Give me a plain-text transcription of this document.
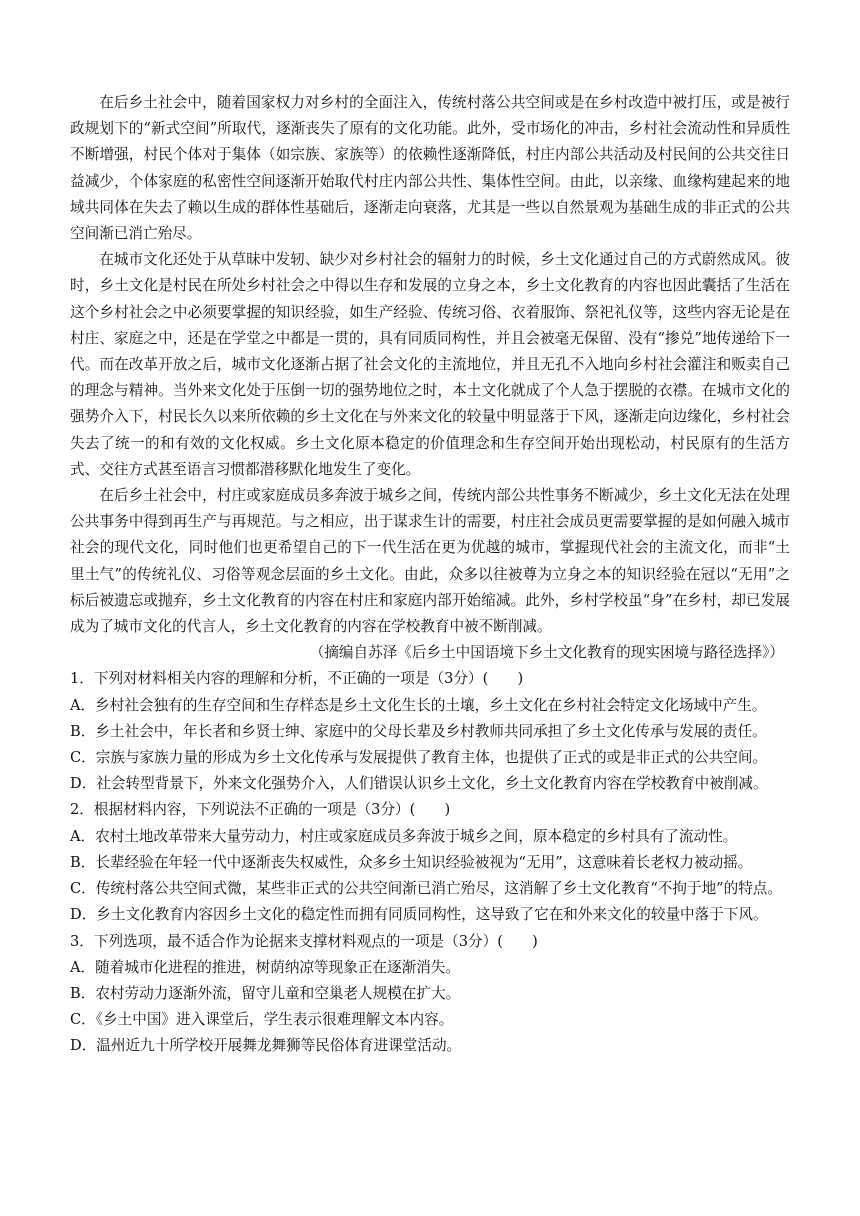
在后乡土社会中，随着国家权力对乡村的全面注入，传统村落公共空间或是在乡村改造中被打压，或是被行政规划下的“新式空间”所取代，逐渐丧失了原有的文化功能。此外，受市场化的冲击，乡村社会流动性和异质性不断增强，村民个体对于集体（如宗族、家族等）的依赖性逐渐降低，村庄内部公共活动及村民间的公共交往日益减少，个体家庭的私密性空间逐渐开始取代村庄内部公共性、集体性空间。由此，以亲缘、血缘构建起来的地域共同体在失去了赖以生成的群体性基础后，逐渐走向衰落，尤其是一些以自然景观为基础生成的非正式的公共空间渐已消亡殆尽。

在城市文化还处于从草昧中发轫、缺少对乡村社会的辐射力的时候，乡土文化通过自己的方式蔚然成风。彼时，乡土文化是村民在所处乡村社会之中得以生存和发展的立身之本，乡土文化教育的内容也因此囊括了生活在这个乡村社会之中必须要掌握的知识经验，如生产经验、传统习俗、衣着服饰、祭祀礼仪等，这些内容无论是在村庄、家庭之中，还是在学堂之中都是一贯的，具有同质同构性，并且会被毫无保留、没有“掺兑”地传递给下一代。而在改革开放之后，城市文化逐渐占据了社会文化的主流地位，并且无孔不入地向乡村社会灌注和贩卖自己的理念与精神。当外来文化处于压倒一切的强势地位之时，本土文化就成了个人急于摆脱的衣襟。在城市文化的强势介入下，村民长久以来所依赖的乡土文化在与外来文化的较量中明显落于下风，逐渐走向边缘化，乡村社会失去了统一的和有效的文化权威。乡土文化原本稳定的价值理念和生存空间开始出现松动，村民原有的生活方式、交往方式甚至语言习惯都潜移默化地发生了变化。

在后乡土社会中，村庄或家庭成员多奔波于城乡之间，传统内部公共性事务不断减少，乡土文化无法在处理公共事务中得到再生产与再规范。与之相应，出于谋求生计的需要，村庄社会成员更需要掌握的是如何融入城市社会的现代文化，同时他们也更希望自己的下一代生活在更为优越的城市，掌握现代社会的主流文化，而非“土里土气”的传统礼仪、习俗等观念层面的乡土文化。由此，众多以往被尊为立身之本的知识经验在冠以“无用”之标后被遗忘或抛弃，乡土文化教育的内容在村庄和家庭内部开始缩减。此外，乡村学校虽“身”在乡村，却已发展成为了城市文化的代言人，乡土文化教育的内容在学校教育中被不断削减。

（摘编自苏泽《后乡土中国语境下乡土文化教育的现实困境与路径选择》）

1．下列对材料相关内容的理解和分析，不正确的一项是（3分）(　　)

A．乡村社会独有的生存空间和生存样态是乡土文化生长的土壤，乡土文化在乡村社会特定文化场域中产生。

B．乡土社会中，年长者和乡贤士绅、家庭中的父母长辈及乡村教师共同承担了乡土文化传承与发展的责任。

C．宗族与家族力量的形成为乡土文化传承与发展提供了教育主体，也提供了正式的或是非正式的公共空间。

D．社会转型背景下，外来文化强势介入，人们错误认识乡土文化，乡土文化教育内容在学校教育中被削减。

2．根据材料内容，下列说法不正确的一项是（3分）(　　)

A．农村土地改革带来大量劳动力，村庄或家庭成员多奔波于城乡之间，原本稳定的乡村具有了流动性。

B．长辈经验在年轻一代中逐渐丧失权威性，众多乡土知识经验被视为“无用”，这意味着长老权力被动摇。

C．传统村落公共空间式微，某些非正式的公共空间渐已消亡殆尽，这消解了乡土文化教育“不拘于地”的特点。

D．乡土文化教育内容因乡土文化的稳定性而拥有同质同构性，这导致了它在和外来文化的较量中落于下风。

3．下列选项，最不适合作为论据来支撑材料观点的一项是（3分）(　　)

A．随着城市化进程的推进，树荫纳凉等现象正在逐渐消失。

B．农村劳动力逐渐外流，留守儿童和空巢老人规模在扩大。

C．《乡土中国》进入课堂后，学生表示很难理解文本内容。

D．温州近九十所学校开展舞龙舞狮等民俗体育进课堂活动。
